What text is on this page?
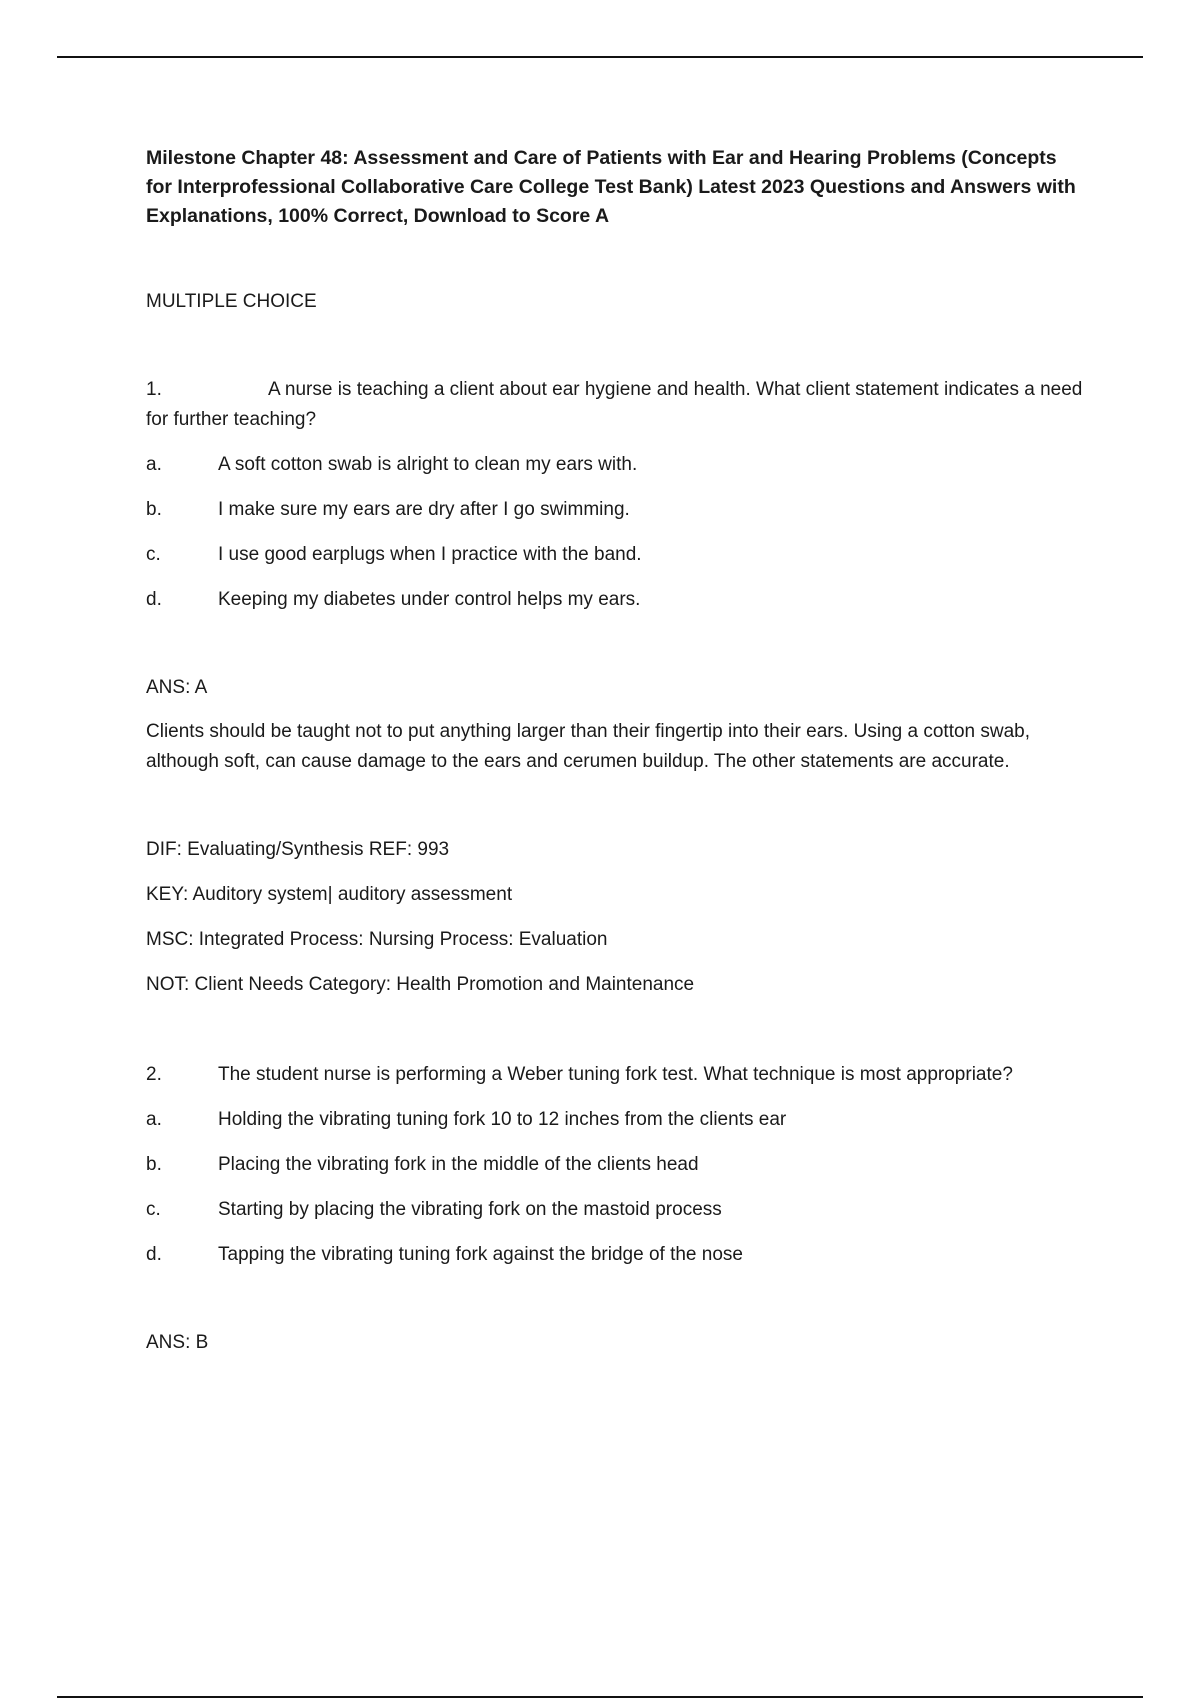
Milestone Chapter 48: Assessment and Care of Patients with Ear and Hearing Problems (Concepts for Interprofessional Collaborative Care College Test Bank) Latest 2023 Questions and Answers with Explanations, 100% Correct, Download to Score A

MULTIPLE CHOICE

1.	A nurse is teaching a client about ear hygiene and health. What client statement indicates a need for further teaching?

a.	A soft cotton swab is alright to clean my ears with.

b.	I make sure my ears are dry after I go swimming.

c.	I use good earplugs when I practice with the band.

d.	Keeping my diabetes under control helps my ears.

ANS: A

Clients should be taught not to put anything larger than their fingertip into their ears. Using a cotton swab, although soft, can cause damage to the ears and cerumen buildup. The other statements are accurate.

DIF: Evaluating/Synthesis REF: 993

KEY: Auditory system| auditory assessment

MSC: Integrated Process: Nursing Process: Evaluation

NOT: Client Needs Category: Health Promotion and Maintenance

2.	The student nurse is performing a Weber tuning fork test. What technique is most appropriate?

a.	Holding the vibrating tuning fork 10 to 12 inches from the clients ear

b.	Placing the vibrating fork in the middle of the clients head

c.	Starting by placing the vibrating fork on the mastoid process

d.	Tapping the vibrating tuning fork against the bridge of the nose

ANS: B
